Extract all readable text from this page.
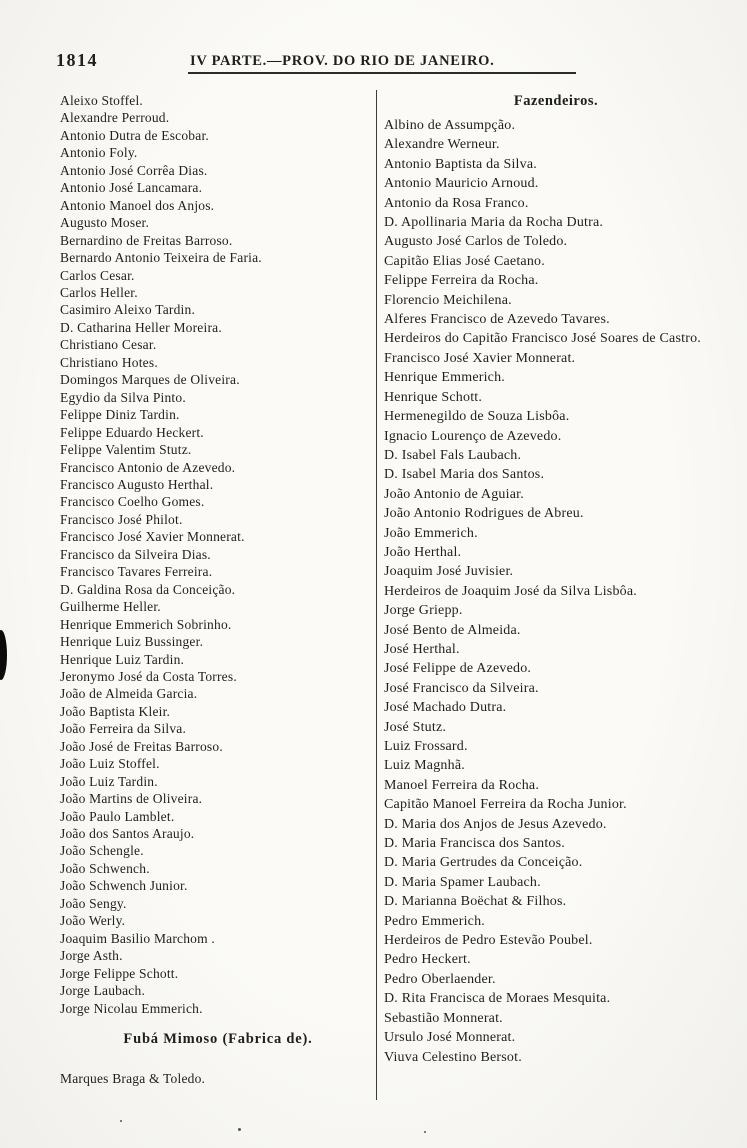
1814	IV PARTE.—PROV. DO RIO DE JANEIRO.
Aleixo Stoffel.
Alexandre Perroud.
Antonio Dutra de Escobar.
Antonio Foly.
Antonio José Corrêa Dias.
Antonio José Lancamara.
Antonio Manoel dos Anjos.
Augusto Moser.
Bernardino de Freitas Barroso.
Bernardo Antonio Teixeira de Faria.
Carlos Cesar.
Carlos Heller.
Casimiro Aleixo Tardin.
D. Catharina Heller Moreira.
Christiano Cesar.
Christiano Hotes.
Domingos Marques de Oliveira.
Egydio da Silva Pinto.
Felippe Diniz Tardin.
Felippe Eduardo Heckert.
Felippe Valentim Stutz.
Francisco Antonio de Azevedo.
Francisco Augusto Herthal.
Francisco Coelho Gomes.
Francisco José Philot.
Francisco José Xavier Monnerat.
Francisco da Silveira Dias.
Francisco Tavares Ferreira.
D. Galdina Rosa da Conceição.
Guilherme Heller.
Henrique Emmerich Sobrinho.
Henrique Luiz Bussinger.
Henrique Luiz Tardin.
Jeronymo José da Costa Torres.
João de Almeida Garcia.
João Baptista Kleir.
João Ferreira da Silva.
João José de Freitas Barroso.
João Luiz Stoffel.
João Luiz Tardin.
João Martins de Oliveira.
João Paulo Lamblet.
João dos Santos Araujo.
João Schengle.
João Schwench.
João Schwench Junior.
João Sengy.
João Werly.
Joaquim Basilio Marchom .
Jorge Asth.
Jorge Felippe Schott.
Jorge Laubach.
Jorge Nicolau Emmerich.
Fubá Mimoso (Fabrica de).
Marques Braga & Toledo.
Fazendeiros.
Albino de Assumpção.
Alexandre Werneur.
Antonio Baptista da Silva.
Antonio Mauricio Arnoud.
Antonio da Rosa Franco.
D. Apollinaria Maria da Rocha Dutra.
Augusto José Carlos de Toledo.
Capitão Elias José Caetano.
Felippe Ferreira da Rocha.
Florencio Meichilena.
Alferes Francisco de Azevedo Tavares.
Herdeiros do Capitão Francisco José Soares de Castro.
Francisco José Xavier Monnerat.
Henrique Emmerich.
Henrique Schott.
Hermenegildo de Souza Lisbôa.
Ignacio Lourenço de Azevedo.
D. Isabel Fals Laubach.
D. Isabel Maria dos Santos.
João Antonio de Aguiar.
João Antonio Rodrigues de Abreu.
João Emmerich.
João Herthal.
Joaquim José Juvisier.
Herdeiros de Joaquim José da Silva Lisbôa.
Jorge Griepp.
José Bento de Almeida.
José Herthal.
José Felippe de Azevedo.
José Francisco da Silveira.
José Machado Dutra.
José Stutz.
Luiz Frossard.
Luiz Magnhã.
Manoel Ferreira da Rocha.
Capitão Manoel Ferreira da Rocha Junior.
D. Maria dos Anjos de Jesus Azevedo.
D. Maria Francisca dos Santos.
D. Maria Gertrudes da Conceição.
D. Maria Spamer Laubach.
D. Marianna Boëchat & Filhos.
Pedro Emmerich.
Herdeiros de Pedro Estevão Poubel.
Pedro Heckert.
Pedro Oberlaender.
D. Rita Francisca de Moraes Mesquita.
Sebastião Monnerat.
Ursulo José Monnerat.
Viuva Celestino Bersot.
